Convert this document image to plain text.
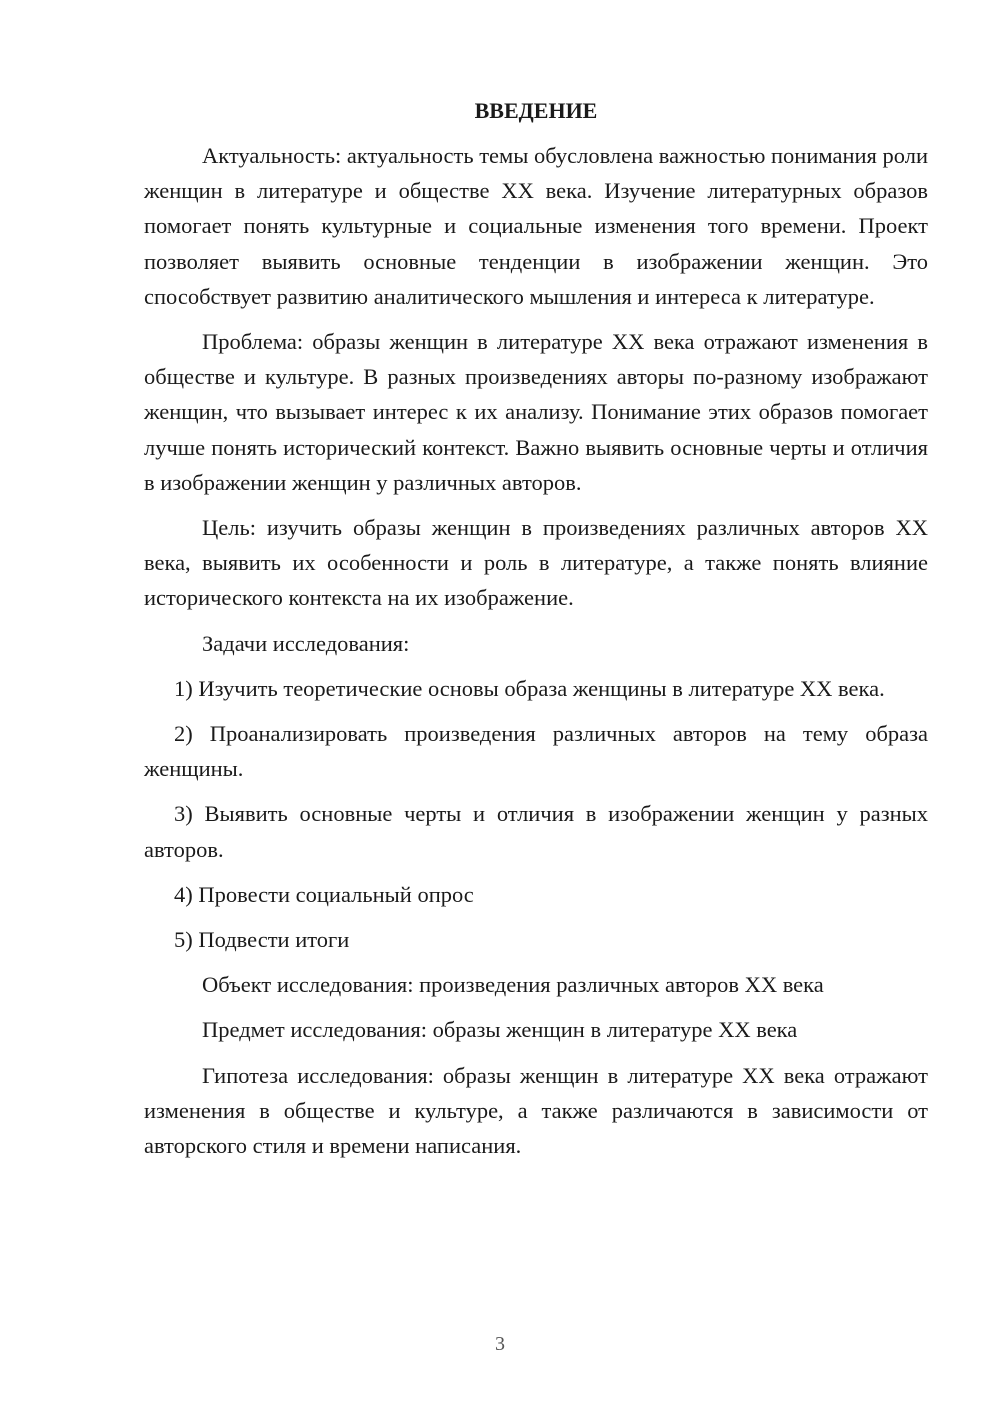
ВВЕДЕНИЕ

Актуальность: актуальность темы обусловлена важностью понимания роли женщин в литературе и обществе XX века. Изучение литературных образов помогает понять культурные и социальные изменения того времени. Проект позволяет выявить основные тенденции в изображении женщин. Это способствует развитию аналитического мышления и интереса к литературе.

Проблема: образы женщин в литературе XX века отражают изменения в обществе и культуре. В разных произведениях авторы по-разному изображают женщин, что вызывает интерес к их анализу. Понимание этих образов помогает лучше понять исторический контекст. Важно выявить основные черты и отличия в изображении женщин у различных авторов.

Цель: изучить образы женщин в произведениях различных авторов XX века, выявить их особенности и роль в литературе, а также понять влияние исторического контекста на их изображение.

Задачи исследования:

1) Изучить теоретические основы образа женщины в литературе XX века.

2) Проанализировать произведения различных авторов на тему образа женщины.

3) Выявить основные черты и отличия в изображении женщин у разных авторов.

4) Провести социальный опрос

5) Подвести итоги

Объект исследования: произведения различных авторов XX века

Предмет исследования: образы женщин в литературе XX века

Гипотеза исследования: образы женщин в литературе XX века отражают изменения в обществе и культуре, а также различаются в зависимости от авторского стиля и времени написания.

3
